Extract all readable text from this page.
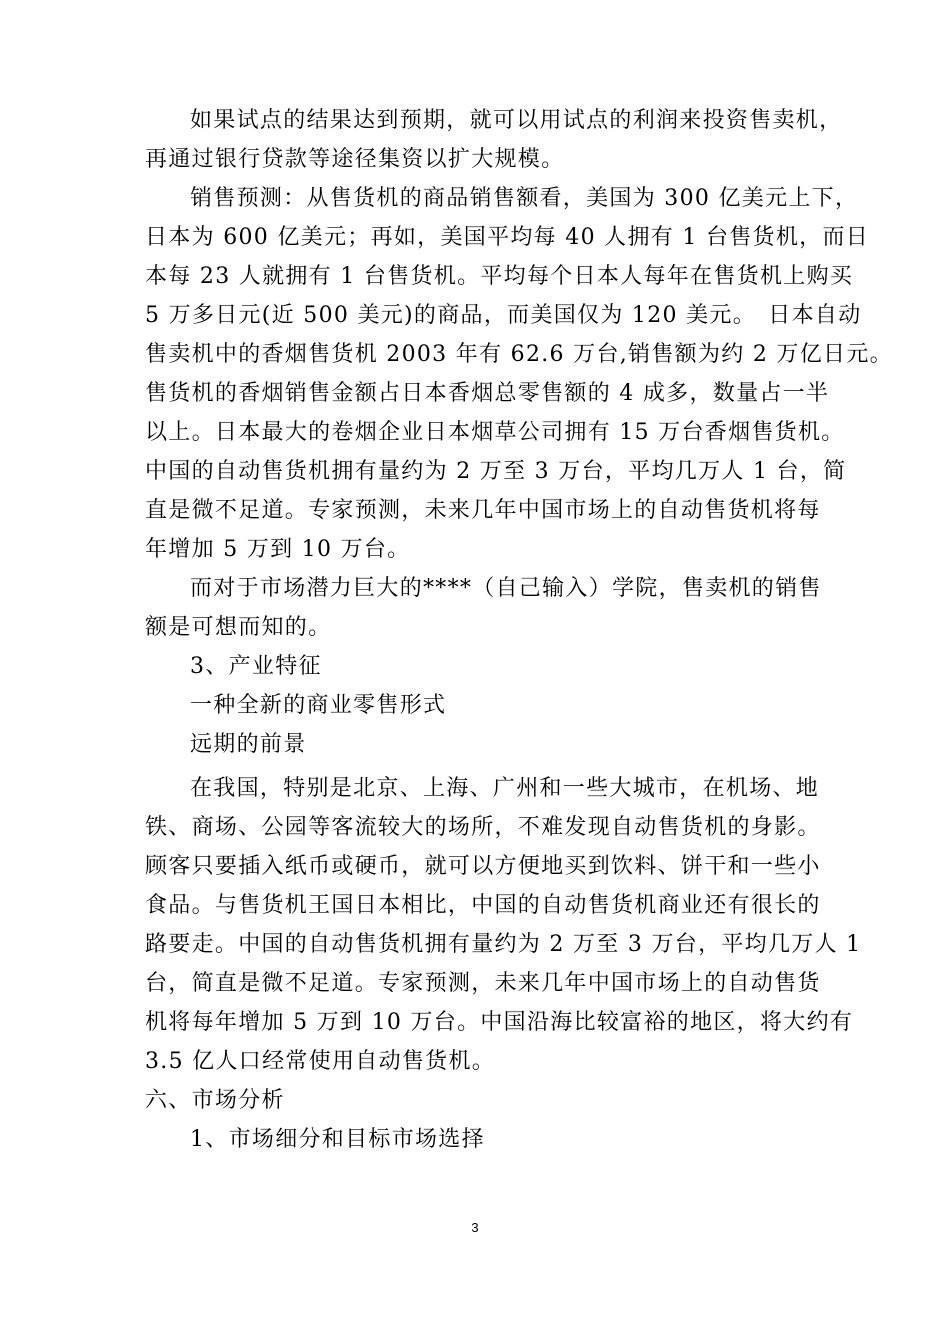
如果试点的结果达到预期，就可以用试点的利润来投资售卖机，
再通过银行贷款等途径集资以扩大规模。
销售预测：从售货机的商品销售额看，美国为 300 亿美元上下，
日本为 600 亿美元；再如，美国平均每 40 人拥有 1 台售货机，而日
本每 23 人就拥有 1 台售货机。平均每个日本人每年在售货机上购买
5 万多日元(近 500 美元)的商品，而美国仅为 120 美元。　日本自动
售卖机中的香烟售货机 2003 年有 62.6 万台,销售额为约 2 万亿日元。
售货机的香烟销售金额占日本香烟总零售额的 4 成多，数量占一半
以上。日本最大的卷烟企业日本烟草公司拥有 15 万台香烟售货机。
中国的自动售货机拥有量约为 2 万至 3 万台，平均几万人 1 台，简
直是微不足道。专家预测，未来几年中国市场上的自动售货机将每
年增加 5 万到 10 万台。
而对于市场潜力巨大的****（自己输入）学院，售卖机的销售
额是可想而知的。
3、产业特征
一种全新的商业零售形式
远期的前景
在我国，特别是北京、上海、广州和一些大城市，在机场、地
铁、商场、公园等客流较大的场所，不难发现自动售货机的身影。
顾客只要插入纸币或硬币，就可以方便地买到饮料、饼干和一些小
食品。与售货机王国日本相比，中国的自动售货机商业还有很长的
路要走。中国的自动售货机拥有量约为 2 万至 3 万台，平均几万人 1
台，简直是微不足道。专家预测，未来几年中国市场上的自动售货
机将每年增加 5 万到 10 万台。中国沿海比较富裕的地区，将大约有
3.5 亿人口经常使用自动售货机。
六、市场分析
1、市场细分和目标市场选择
3
